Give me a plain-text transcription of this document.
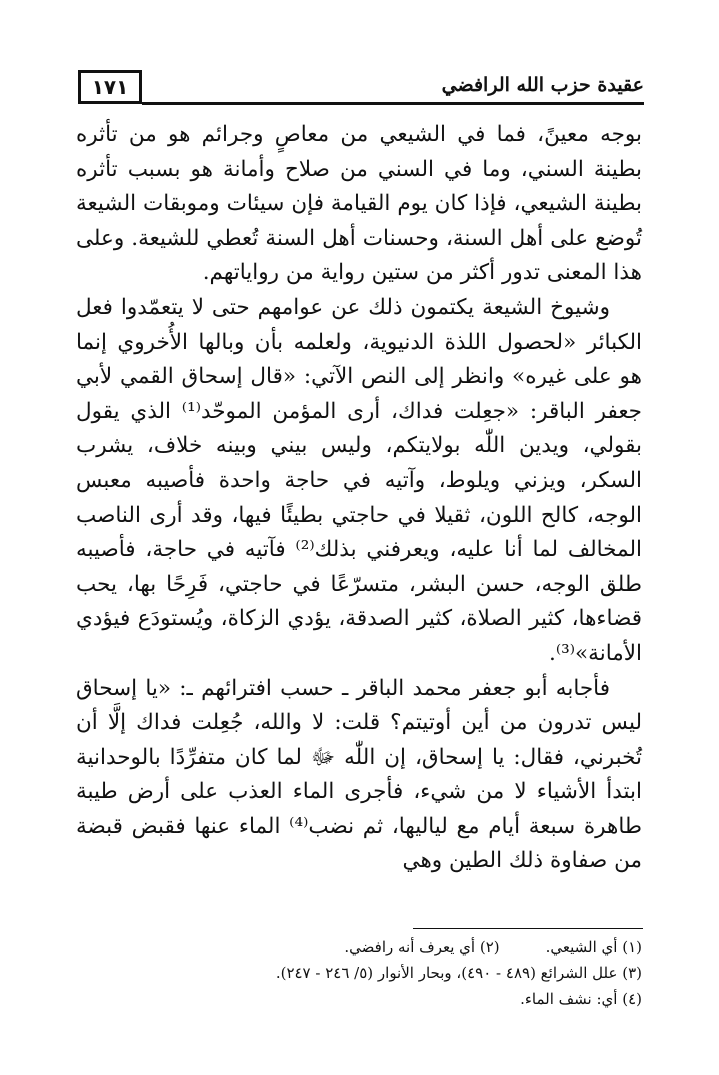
١٧١	عقيدة حزب الله الرافضي

بوجه معينً، فما في الشيعي من معاصٍ وجرائم هو من تأثره بطينة السني، وما في السني من صلاح وأمانة هو بسبب تأثره بطينة الشيعي، فإذا كان يوم القيامة فإن سيئات وموبقات الشيعة تُوضع على أهل السنة، وحسنات أهل السنة تُعطي للشيعة. وعلى هذا المعنى تدور أكثر من ستين رواية من رواياتهم.

وشيوخ الشيعة يكتمون ذلك عن عوامهم حتى لا يتعمّدوا فعل الكبائر «لحصول اللذة الدنيوية، ولعلمه بأن وبالها الأُخروي إنما هو على غيره» وانظر إلى النص الآتي: «قال إسحاق القمي لأبي جعفر الباقر: «جعِلت فداك، أرى المؤمن الموحّد⁽¹⁾ الذي يقول بقولي، ويدين اللّٰه بولايتكم، وليس بيني وبينه خلاف، يشرب السكر، ويزني ويلوط، وآتيه في حاجة واحدة فأصيبه معبس الوجه، كالح اللون، ثقيلا في حاجتي بطيئًا فيها، وقد أرى الناصب المخالف لما أنا عليه، ويعرفني بذلك⁽²⁾ فآتيه في حاجة، فأصيبه طلق الوجه، حسن البشر، متسرّعًا في حاجتي، فَرِحًا بها، يحب قضاءها، كثير الصلاة، كثير الصدقة، يؤدي الزكاة، ويُستودَع فيؤدي الأمانة»⁽³⁾.

فأجابه أبو جعفر محمد الباقر ـ حسب افترائهم ـ: «يا إسحاق ليس تدرون من أين أوتيتم؟ قلت: لا والله، جُعِلت فداك إلَّا أن تُخبرني، فقال: يا إسحاق، إن اللّٰه ﷻ لما كان متفرِّدًا بالوحدانية ابتدأ الأشياء لا من شيء، فأجرى الماء العذب على أرض طيبة طاهرة سبعة أيام مع لياليها، ثم نضب⁽⁴⁾ الماء عنها فقبض قبضة من صفاوة ذلك الطين وهي

(١) أي الشيعي.(٢) أي يعرف أنه رافضي.
(٣) علل الشرائع (٤٨٩ - ٤٩٠)، وبحار الأنوار (٥/ ٢٤٦ - ٢٤٧).
(٤) أي: نشف الماء.
